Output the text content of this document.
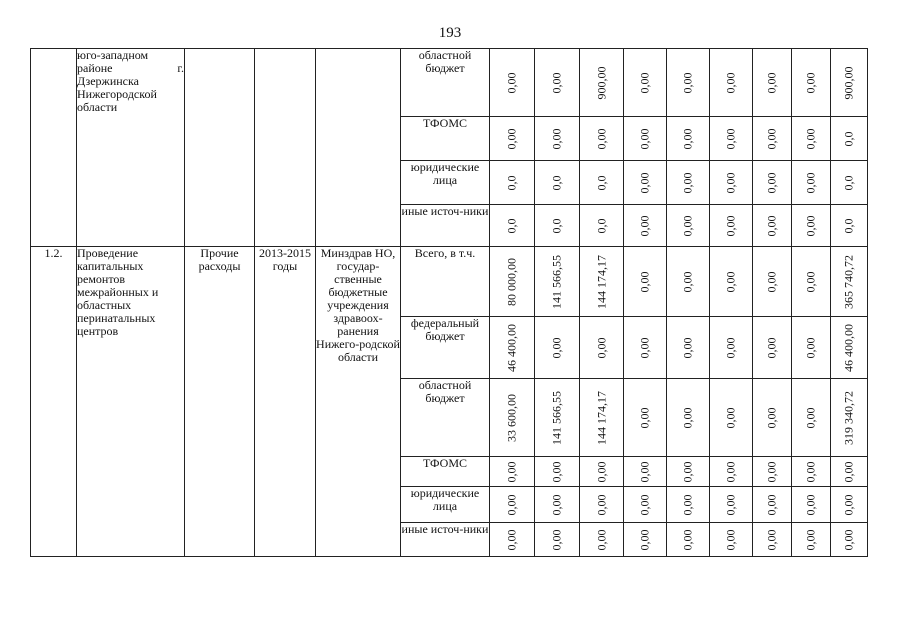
193

	юго-западном
районе г.
Дзержинска
Нижегородской
области				областной бюджет	0,00	0,00	900,00	0,00	0,00	0,00	0,00	0,00	900,00

					ТФОМС	0,00	0,00	0,00	0,00	0,00	0,00	0,00	0,00	0,0

					юридические лица	0,0	0,0	0,0	0,00	0,00	0,00	0,00	0,00	0,0

					иные источ-ники	0,0	0,0	0,0	0,00	0,00	0,00	0,00	0,00	0,0

1.2.	Проведение капитальных ремонтов межрайонных и областных перинатальных центров	Прочие расходы	2013-2015 годы	Минздрав НО, государ-ственные бюджетные учреждения здравоох-ранения Нижего-родской области	Всего, в т.ч.	80 000,00	141 566,55	144 174,17	0,00	0,00	0,00	0,00	0,00	365 740,72

					федеральный бюджет	46 400,00	0,00	0,00	0,00	0,00	0,00	0,00	0,00	46 400,00

					областной бюджет	33 600,00	141 566,55	144 174,17	0,00	0,00	0,00	0,00	0,00	319 340,72

					ТФОМС	0,00	0,00	0,00	0,00	0,00	0,00	0,00	0,00	0,00

					юридические лица	0,00	0,00	0,00	0,00	0,00	0,00	0,00	0,00	0,00

					иные источ-ники	0,00	0,00	0,00	0,00	0,00	0,00	0,00	0,00	0,00
